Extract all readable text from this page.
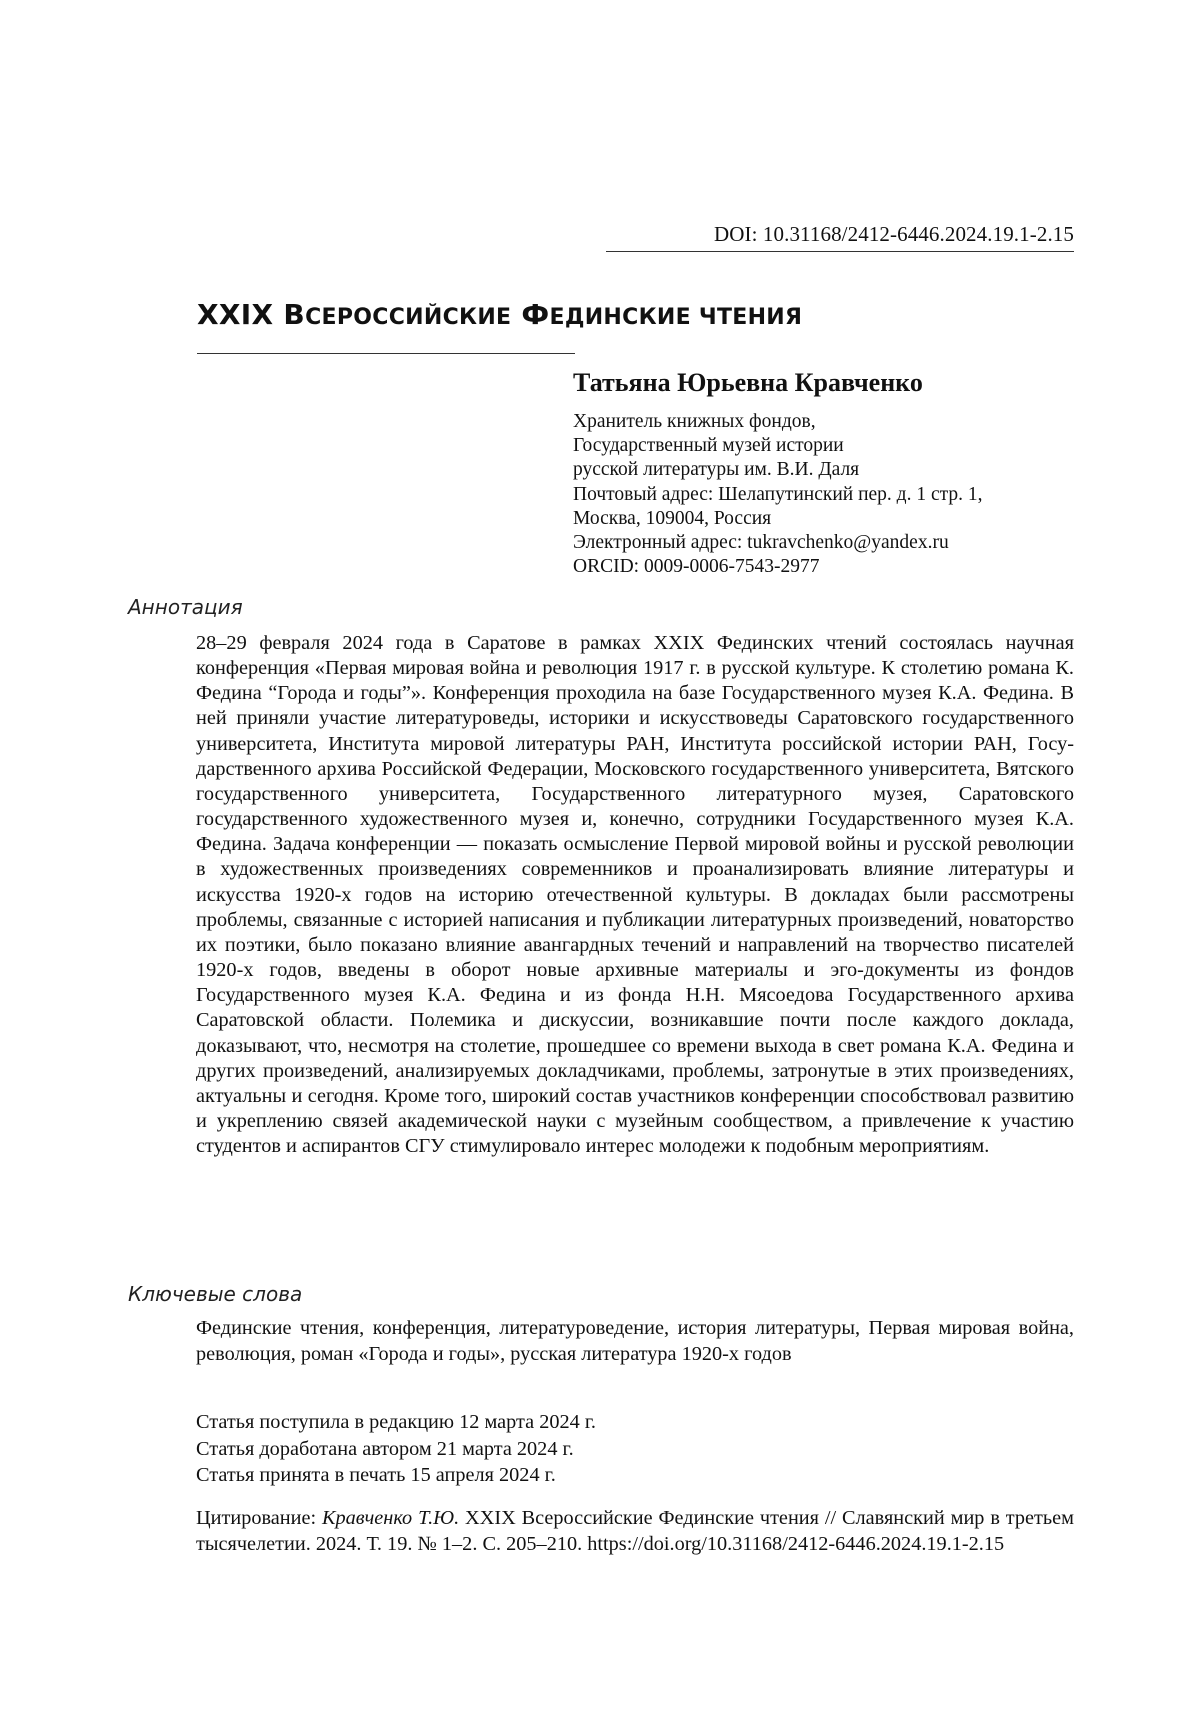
DOI: 10.31168/2412-6446.2024.19.1-2.15
XXIX ВСЕРОССИЙСКИЕ ФЕДИНСКИЕ ЧТЕНИЯ
Татьяна Юрьевна Кравченко
Хранитель книжных фондов,
Государственный музей истории
русской литературы им. В.И. Даля
Почтовый адрес: Шелапутинский пер. д. 1 стр. 1,
Москва, 109004, Россия
Электронный адрес: tukravchenko@yandex.ru
ORCID: 0009-0006-7543-2977
Аннотация

28–29 февраля 2024 года в Саратове в рамках XXIX Фединских чтений состоялась научная конференция «Первая мировая война и революция 1917 г. в русской культуре. К столетию романа К. Федина “Города и годы”». Конференция проходила на базе Государственного музея К.А. Федина. В ней приняли участие литературоведы, историки и искусствоведы Саратовского государственного университета, Института мировой литературы РАН, Института российской истории РАН, Государственного архива Российской Федерации, Московского государственного университета, Вятского государственного университета, Государственного литературного музея, Саратовского государственного художественного музея и, конечно, сотрудники Государственного музея К.А. Федина. Задача конференции — показать осмысление Первой мировой войны и русской революции в художественных произведениях современников и проанализировать влияние литературы и искусства 1920-х годов на историю отечественной культуры. В докладах были рассмотрены проблемы, связанные с историей написания и публикации литературных произведений, новаторство их поэтики, было показано влияние авангардных течений и направлений на творчество писателей 1920-х годов, введены в оборот новые архивные материалы и эго-документы из фондов Государственного музея К.А. Федина и из фонда Н.Н. Мясоедова Государственного архива Саратовской области. Полемика и дискуссии, возникавшие почти после каждого доклада, доказывают, что, несмотря на столетие, прошедшее со времени выхода в свет романа К.А. Федина и других произведений, анализируемых докладчиками, проблемы, затронутые в этих произведениях, актуальны и сегодня. Кроме того, широкий состав участников конференции способствовал развитию и укреплению связей академической науки с музейным сообществом, а привлечение к участию студентов и аспирантов СГУ стимулировало интерес молодежи к подобным мероприятиям.

Ключевые слова

Фединские чтения, конференция, литературоведение, история литературы, Первая мировая война, революция, роман «Города и годы», русская литература 1920-х годов

Статья поступила в редакцию 12 марта 2024 г.
Статья доработана автором 21 марта 2024 г.
Статья принята в печать 15 апреля 2024 г.

Цитирование: Кравченко Т.Ю. XXIX Всероссийские Фединские чтения // Славянский мир в третьем тысячелетии. 2024. Т. 19. № 1–2. С. 205–210. https://doi.org/10.31168/2412-6446.2024.19.1-2.15
